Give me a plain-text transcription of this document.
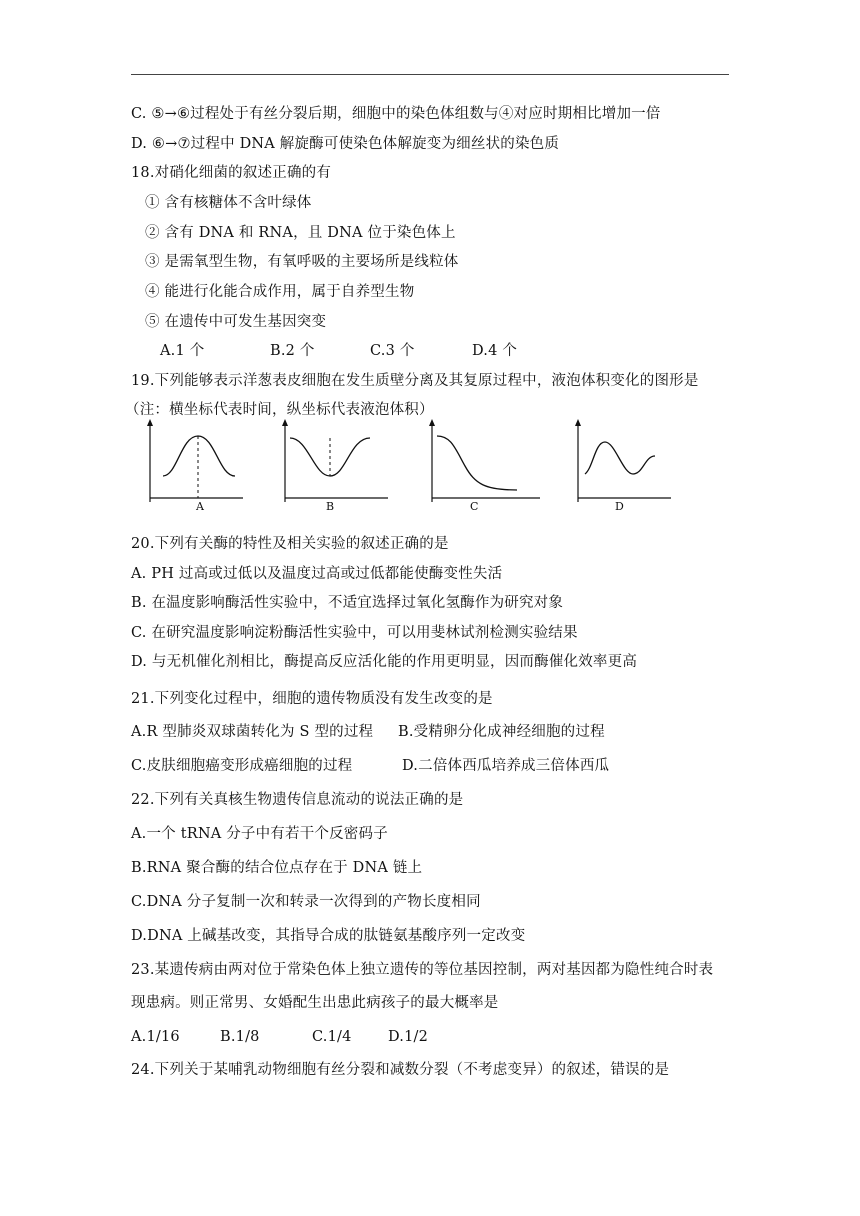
C. ⑤→⑥过程处于有丝分裂后期，细胞中的染色体组数与④对应时期相比增加一倍
D. ⑥→⑦过程中 DNA 解旋酶可使染色体解旋变为细丝状的染色质
18.对硝化细菌的叙述正确的有
① 含有核糖体不含叶绿体
② 含有 DNA 和 RNA，且 DNA 位于染色体上
③ 是需氧型生物，有氧呼吸的主要场所是线粒体
④ 能进行化能合成作用，属于自养型生物
⑤ 在遗传中可发生基因突变
A.1 个	B.2 个	C.3 个	D.4 个
19.下列能够表示洋葱表皮细胞在发生质壁分离及其复原过程中，液泡体积变化的图形是
（注：横坐标代表时间，纵坐标代表液泡体积）
A	B	C	D
20.下列有关酶的特性及相关实验的叙述正确的是
A. PH 过高或过低以及温度过高或过低都能使酶变性失活
B. 在温度影响酶活性实验中，不适宜选择过氧化氢酶作为研究对象
C. 在研究温度影响淀粉酶活性实验中，可以用斐林试剂检测实验结果
D. 与无机催化剂相比，酶提高反应活化能的作用更明显，因而酶催化效率更高
21.下列变化过程中，细胞的遗传物质没有发生改变的是
A.R 型肺炎双球菌转化为 S 型的过程 B.受精卵分化成神经细胞的过程
C.皮肤细胞癌变形成癌细胞的过程	D.二倍体西瓜培养成三倍体西瓜
22.下列有关真核生物遗传信息流动的说法正确的是
A.一个 tRNA 分子中有若干个反密码子
B.RNA 聚合酶的结合位点存在于 DNA 链上
C.DNA 分子复制一次和转录一次得到的产物长度相同
D.DNA 上碱基改变，其指导合成的肽链氨基酸序列一定改变
23.某遗传病由两对位于常染色体上独立遗传的等位基因控制，两对基因都为隐性纯合时表
现患病。则正常男、女婚配生出患此病孩子的最大概率是
A.1/16	B.1/8	C.1/4	D.1/2
24.下列关于某哺乳动物细胞有丝分裂和减数分裂（不考虑变异）的叙述，错误的是
